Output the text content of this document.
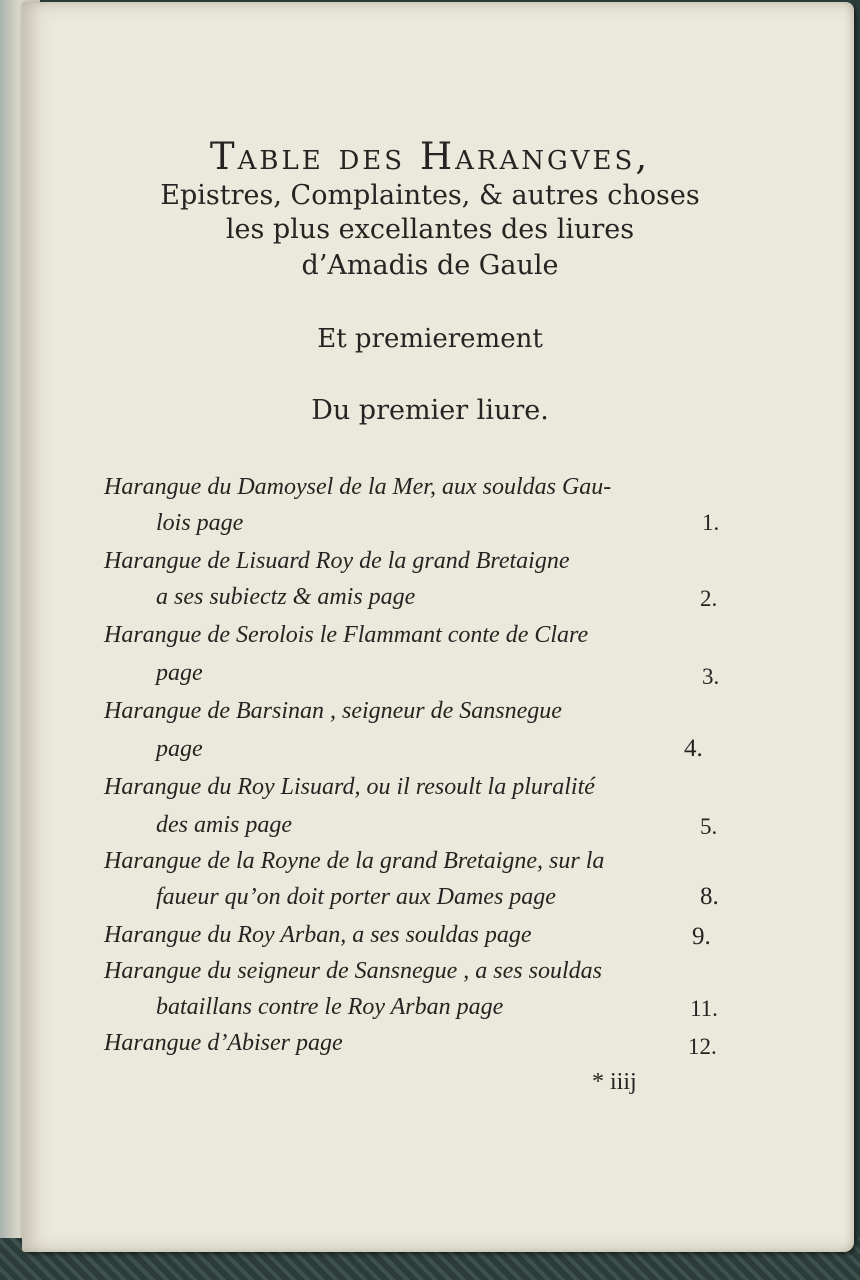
Table des Harangves,
Epistres, Complaintes, & autres choses
les plus excellantes des liures
d’Amadis de Gaule
Et premierement
Du premier liure.
Harangue du Damoysel de la Mer, aux souldas Gau-
lois page	1.
Harangue de Lisuard Roy de la grand Bretaigne
a ses subiectz & amis page	2.
Harangue de Serolois le Flammant conte de Clare
page	3.
Harangue de Barsinan , seigneur de Sansnegue
page	4.
Harangue du Roy Lisuard, ou il resoult la pluralité
des amis page	5.
Harangue de la Royne de la grand Bretaigne, sur la
faueur qu’on doit porter aux Dames page	8.
Harangue du Roy Arban, a ses souldas page	9.
Harangue du seigneur de Sansnegue , a ses souldas
bataillans contre le Roy Arban page	11.
Harangue d’Abiser page	12.
* iiij
